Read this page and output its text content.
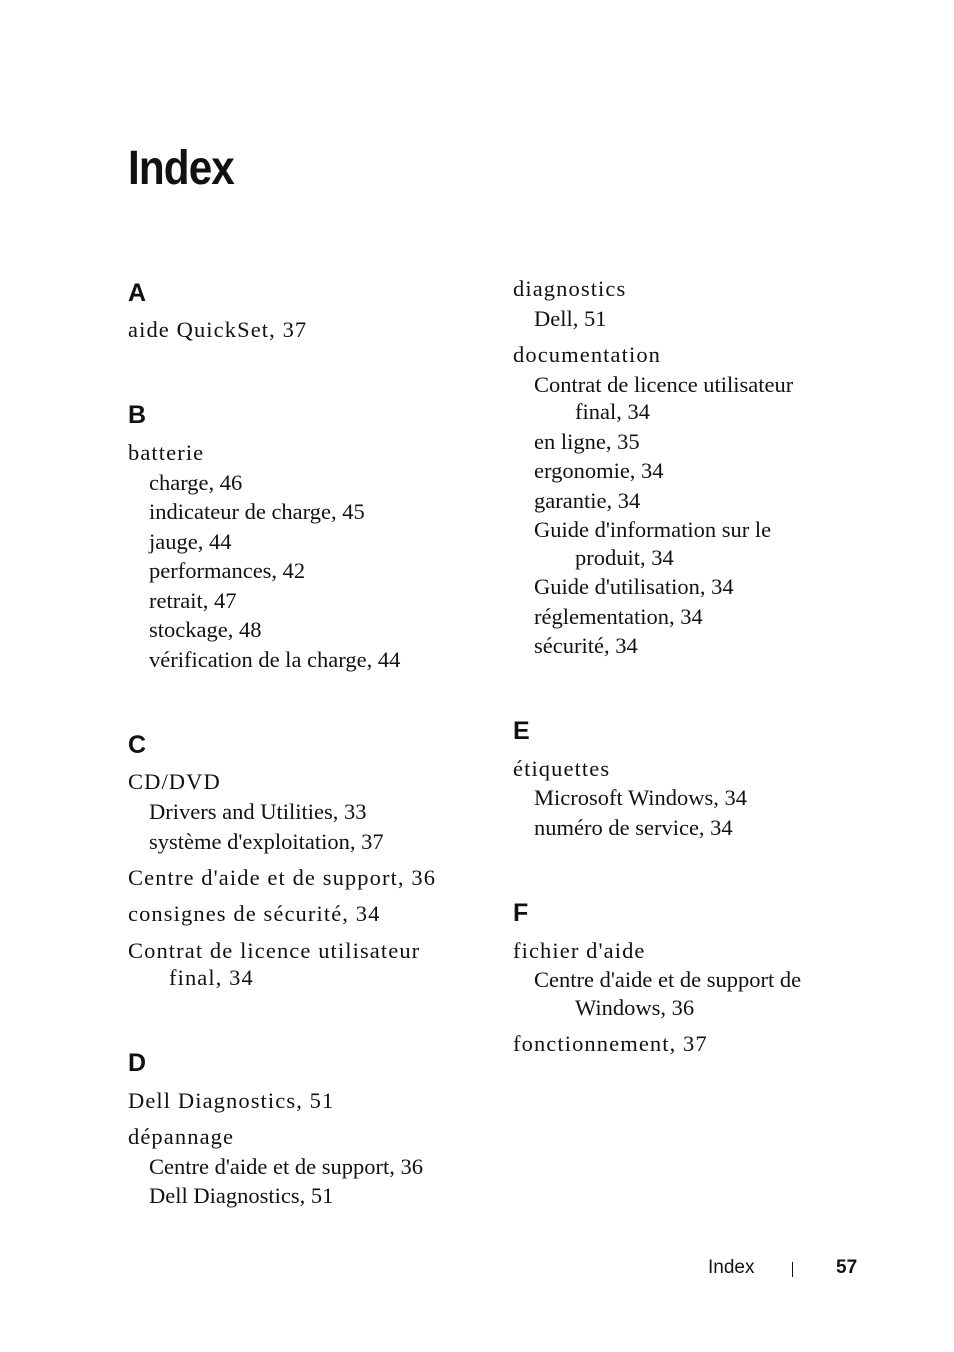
Index
A
aide QuickSet, 37
B
batterie
charge, 46
indicateur de charge, 45
jauge, 44
performances, 42
retrait, 47
stockage, 48
vérification de la charge, 44
C
CD/DVD
Drivers and Utilities, 33
système d'exploitation, 37
Centre d'aide et de support, 36
consignes de sécurité, 34
Contrat de licence utilisateur
final, 34
D
Dell Diagnostics, 51
dépannage
Centre d'aide et de support, 36
Dell Diagnostics, 51
diagnostics
Dell, 51
documentation
Contrat de licence utilisateur
final, 34
en ligne, 35
ergonomie, 34
garantie, 34
Guide d'information sur le
produit, 34
Guide d'utilisation, 34
réglementation, 34
sécurité, 34
E
étiquettes
Microsoft Windows, 34
numéro de service, 34
F
fichier d'aide
Centre d'aide et de support de
Windows, 36
fonctionnement, 37
Index	57
